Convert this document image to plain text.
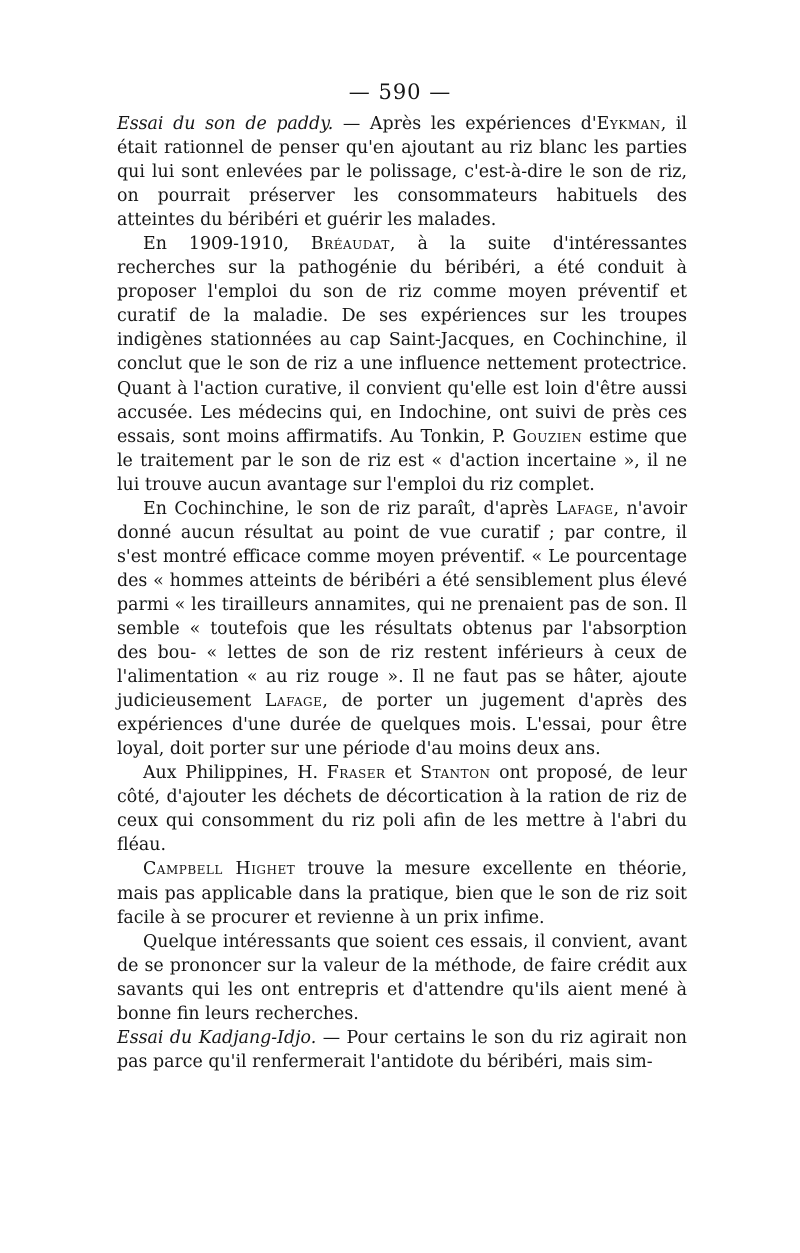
— 590 —

Essai du son de paddy. — Après les expériences d'Eykman, il était rationnel de penser qu'en ajoutant au riz blanc les parties qui lui sont enlevées par le polissage, c'est-à-dire le son de riz, on pourrait préserver les consommateurs habituels des atteintes du béribéri et guérir les malades.

En 1909-1910, Bréaudat, à la suite d'intéressantes recherches sur la pathogénie du béribéri, a été conduit à proposer l'emploi du son de riz comme moyen préventif et curatif de la maladie. De ses expériences sur les troupes indigènes stationnées au cap Saint-Jacques, en Cochinchine, il conclut que le son de riz a une influence nettement protectrice. Quant à l'action curative, il convient qu'elle est loin d'être aussi accusée. Les médecins qui, en Indochine, ont suivi de près ces essais, sont moins affirmatifs. Au Tonkin, P. Gouzien estime que le traitement par le son de riz est « d'action incertaine », il ne lui trouve aucun avantage sur l'emploi du riz complet.

En Cochinchine, le son de riz paraît, d'après Lafage, n'avoir donné aucun résultat au point de vue curatif ; par contre, il s'est montré efficace comme moyen préventif. « Le pourcentage des « hommes atteints de béribéri a été sensiblement plus élevé parmi « les tirailleurs annamites, qui ne prenaient pas de son. Il semble « toutefois que les résultats obtenus par l'absorption des bou- « lettes de son de riz restent inférieurs à ceux de l'alimentation « au riz rouge ». Il ne faut pas se hâter, ajoute judicieusement Lafage, de porter un jugement d'après des expériences d'une durée de quelques mois. L'essai, pour être loyal, doit porter sur une période d'au moins deux ans.

Aux Philippines, H. Fraser et Stanton ont proposé, de leur côté, d'ajouter les déchets de décortication à la ration de riz de ceux qui consomment du riz poli afin de les mettre à l'abri du fléau.

Campbell Highet trouve la mesure excellente en théorie, mais pas applicable dans la pratique, bien que le son de riz soit facile à se procurer et revienne à un prix infime.

Quelque intéressants que soient ces essais, il convient, avant de se prononcer sur la valeur de la méthode, de faire crédit aux savants qui les ont entrepris et d'attendre qu'ils aient mené à bonne fin leurs recherches.

Essai du Kadjang-Idjo. — Pour certains le son du riz agirait non pas parce qu'il renfermerait l'antidote du béribéri, mais sim-
